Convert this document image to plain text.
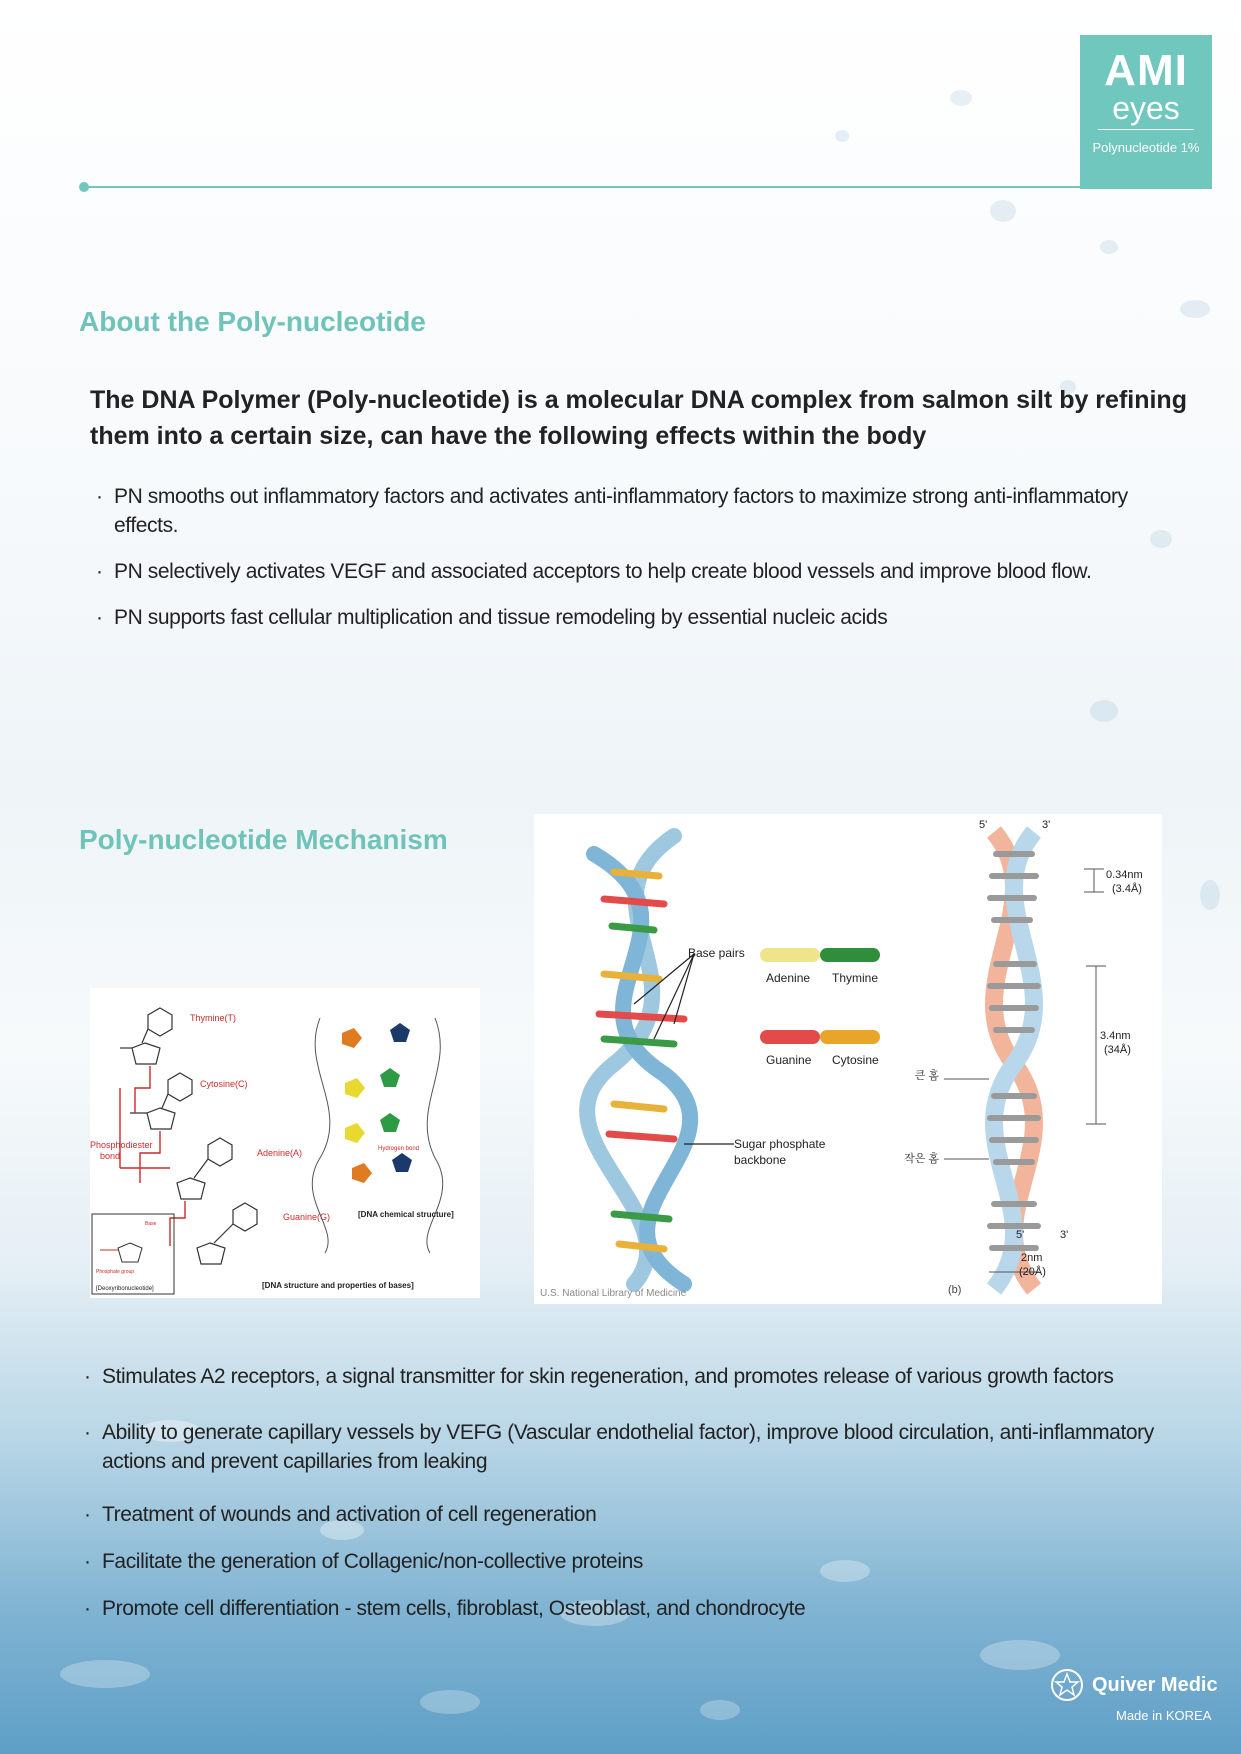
AMI
eyes
Polynucleotide 1%
About the Poly-nucleotide
The DNA Polymer (Poly-nucleotide) is a molecular DNA complex from salmon silt by refining them into a certain size, can have the following effects within the body
· PN smooths out inflammatory factors and activates anti-inflammatory factors to maximize strong anti-inflammatory effects.
· PN selectively activates VEGF and associated acceptors to help create blood vessels and improve blood flow.
· PN supports fast cellular multiplication and tissue remodeling by essential nucleic acids
Poly-nucleotide Mechanism
Thymine(T)
Cytosine(C)
Adenine(A)
Guanine(G)
Phosphodiester
bond
Hydrogen bond
[DNA chemical structure]
Base
Phosphate group
[Deoxyribonucleotide]	[DNA structure and properties of bases]
Base pairs
Sugar phosphate
backbone
Adenine Thymine
Guanine Cytosine
5'	3'
0.34nm
(3.4Å)
3.4nm
(34Å)
큰 홈
작은 홈
5'	3'
2nm
(20Å)
U.S. National Library of Medicine	(b)
· Stimulates A2 receptors, a signal transmitter for skin regeneration, and promotes release of various growth factors
· Ability to generate capillary vessels by VEFG (Vascular endothelial factor), improve blood circulation, anti-inflammatory actions and prevent capillaries from leaking
· Treatment of wounds and activation of cell regeneration
· Facilitate the generation of Collagenic/non-collective proteins
· Promote cell differentiation - stem cells, fibroblast, Osteoblast, and chondrocyte
Quiver Medic
Made in KOREA
